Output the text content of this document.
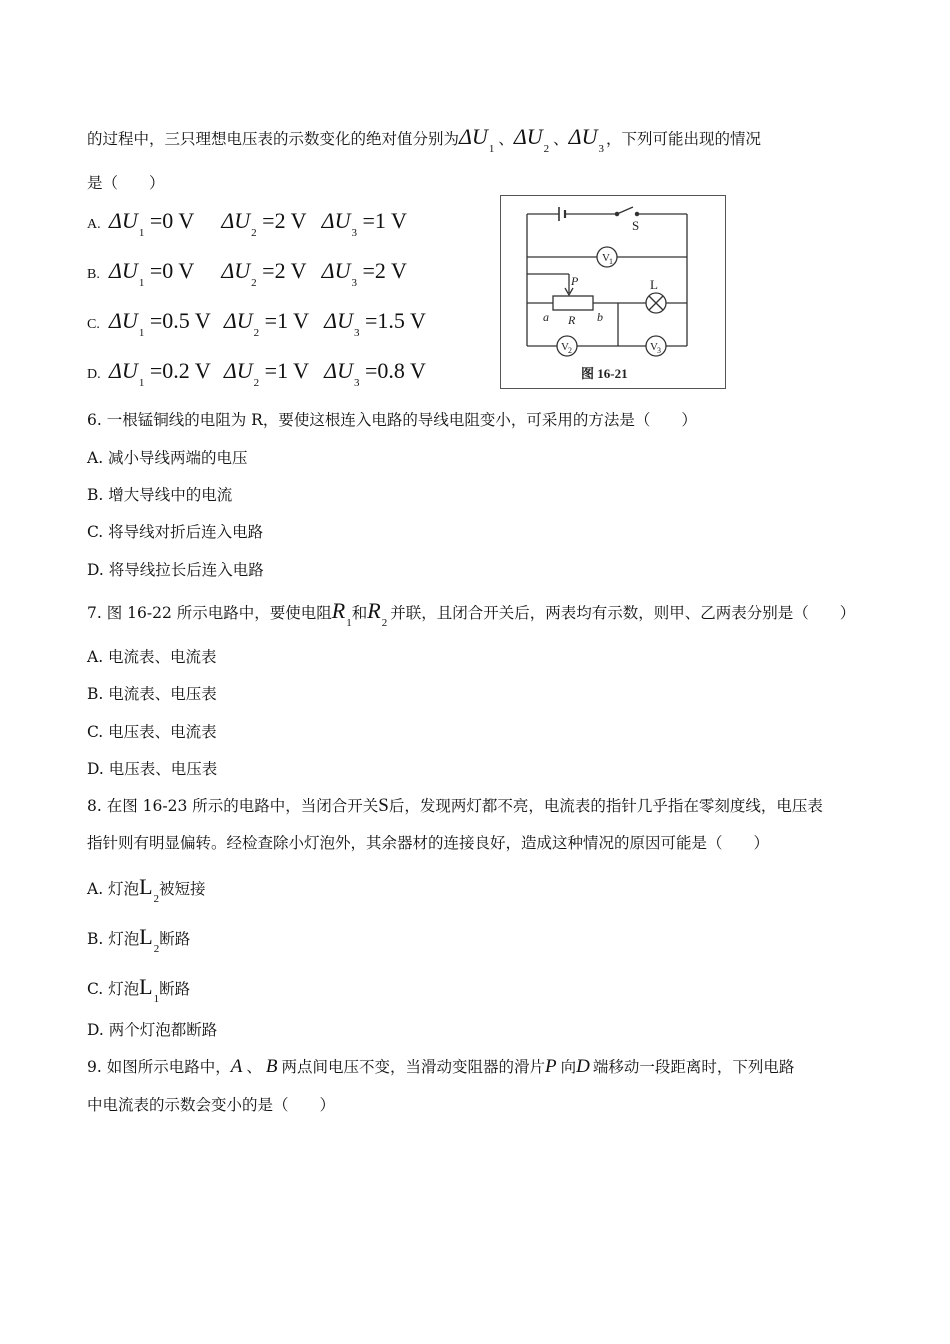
的过程中，三只理想电压表的示数变化的绝对值分别为$\Delta U_1$、$\Delta U_2$、$\Delta U_3$，下列可能出现的情况
是（　　）
A. $\Delta U_1 =0$ V $\Delta U_2 =2$ V $\Delta U_3 =1$ V
B. $\Delta U_1 =0$ V $\Delta U_2 =2$ V $\Delta U_3 =2$ V
C. $\Delta U_1 =0.5$ V $\Delta U_2 =1$ V $\Delta U_3 =1.5$ V
D. $\Delta U_1 =0.2$ V $\Delta U_2 =1$ V $\Delta U_3 =0.8$ V
S
V 1
P	L
a R b
V 2	V 3
图 16-21
6. 一根锰铜线的电阻为 R，要使这根连入电路的导线电阻变小，可采用的方法是（　　）
A. 减小导线两端的电压
B. 增大导线中的电流
C. 将导线对折后连入电路
D. 将导线拉长后连入电路
7. 图 16-22 所示电路中，要使电阻$R_1$和$R_2$并联，且闭合开关后，两表均有示数，则甲、乙两表分别是（　　）
A. 电流表、电流表
B. 电流表、电压表
C. 电压表、电流表
D. 电压表、电压表
8. 在图 16-23 所示的电路中，当闭合开关S后，发现两灯都不亮，电流表的指针几乎指在零刻度线，电压表
指针则有明显偏转。经检查除小灯泡外，其余器材的连接良好，造成这种情况的原因可能是（　　）
A. 灯泡$L_2$被短接
B. 灯泡$L_2$断路
C. 灯泡$L_1$断路
D. 两个灯泡都断路
9. 如图所示电路中，A 、 B 两点间电压不变，当滑动变阻器的滑片P 向D 端移动一段距离时，下列电路
中电流表的示数会变小的是（　　）
